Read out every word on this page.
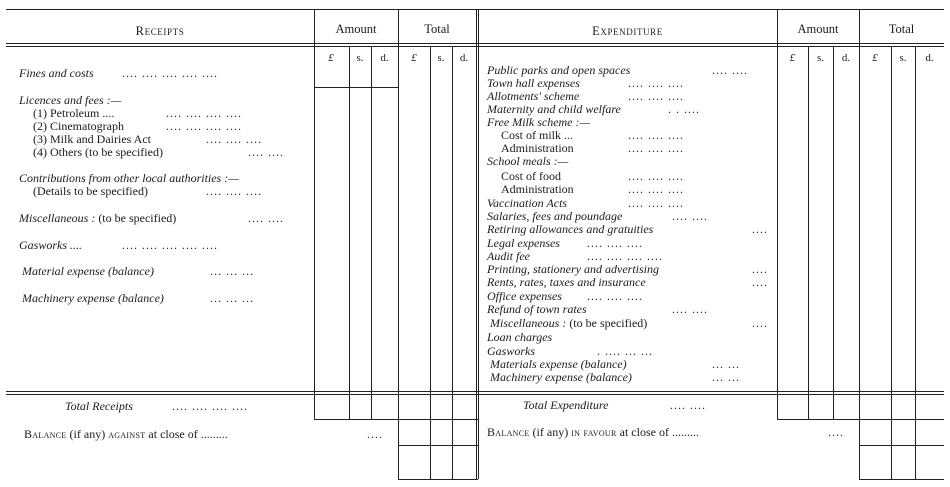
Receipts	Amount	Total	Expenditure	Amount	Total
£	s.	d.	£	s.	d.	£	s.	d.	£	s.	d.
Fines and costs .... .... .... .... ....
Licences and fees :—
(1) Petroleum ....	.... .... .... ....
(2) Cinematograph	.... .... .... ....
(3) Milk and Dairies Act	.... .... ....
(4) Others (to be specified)	.... ....
Contributions from other local authorities :—
(Details to be specified)	.... .... ....
Miscellaneous : (to be specified)	.... ....
Gasworks ....	.... .... .... .... ....
Material expense (balance)	... ... ...
Machinery expense (balance)	... ... ...
Public parks and open spaces	.... ....
Town hall expenses	.... .... ....
Allotments' scheme	.... .... ....
Maternity and child welfare	. . ....
Free Milk scheme :—
Cost of milk ...	.... .... ....
Administration	.... .... ....
School meals :—
Cost of food	.... .... ....
Administration	.... .... ....
Vaccination Acts	.... .... ....
Salaries, fees and poundage	.... ....
Retiring allowances and gratuities	....
Legal expenses .... .... ....
Audit fee	.... .... .... ....
Printing, stationery and advertising	....
Rents, rates, taxes and insurance	....
Office expenses .... .... ....
Refund of town rates	.... ....
Miscellaneous : (to be specified)	....
Loan charges
Gasworks	. .... ... ...
Materials expense (balance)	... ...
Machinery expense (balance)	... ...
Total Receipts	.... .... .... ....	Total Expenditure	.... ....
Balance (if any) against at close of .........	....	Balance (if any) in favour at close of .........	....
